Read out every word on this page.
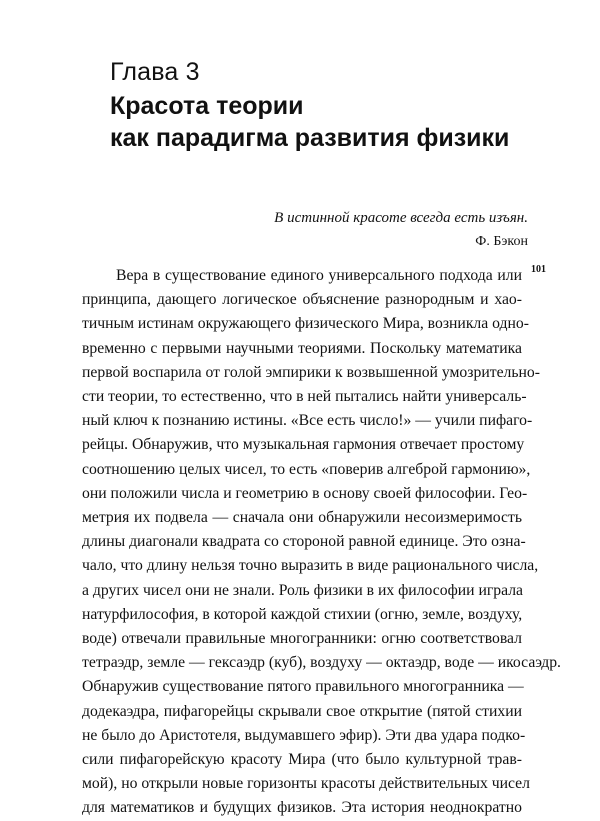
Глава 3
Красота теории
как парадигма развития физики
В истинной красоте всегда есть изъян.
Ф. Бэкон
101
Вера в существование единого универсального подхода или
принципа, дающего логическое объяснение разнородным и хао-
тичным истинам окружающего физического Мира, возникла одно-
временно с первыми научными теориями. Поскольку математика
первой воспарила от голой эмпирики к возвышенной умозрительно-
сти теории, то естественно, что в ней пытались найти универсаль-
ный ключ к познанию истины. «Все есть число!» — учили пифаго-
рейцы. Обнаружив, что музыкальная гармония отвечает простому
соотношению целых чисел, то есть «поверив алгеброй гармонию»,
они положили числа и геометрию в основу своей философии. Гео-
метрия их подвела — сначала они обнаружили несоизмеримость
длины диагонали квадрата со стороной равной единице. Это озна-
чало, что длину нельзя точно выразить в виде рационального числа,
а других чисел они не знали. Роль физики в их философии играла
натурфилософия, в которой каждой стихии (огню, земле, воздуху,
воде) отвечали правильные многогранники: огню соответствовал
тетраэдр, земле — гексаэдр (куб), воздуху — октаэдр, воде — икосаэдр.
Обнаружив существование пятого правильного многогранника —
додекаэдра, пифагорейцы скрывали свое открытие (пятой стихии
не было до Аристотеля, выдумавшего эфир). Эти два удара подко-
сили пифагорейскую красоту Мира (что было культурной трав-
мой), но открыли новые горизонты красоты действительных чисел
для математиков и будущих физиков. Эта история неоднократно
